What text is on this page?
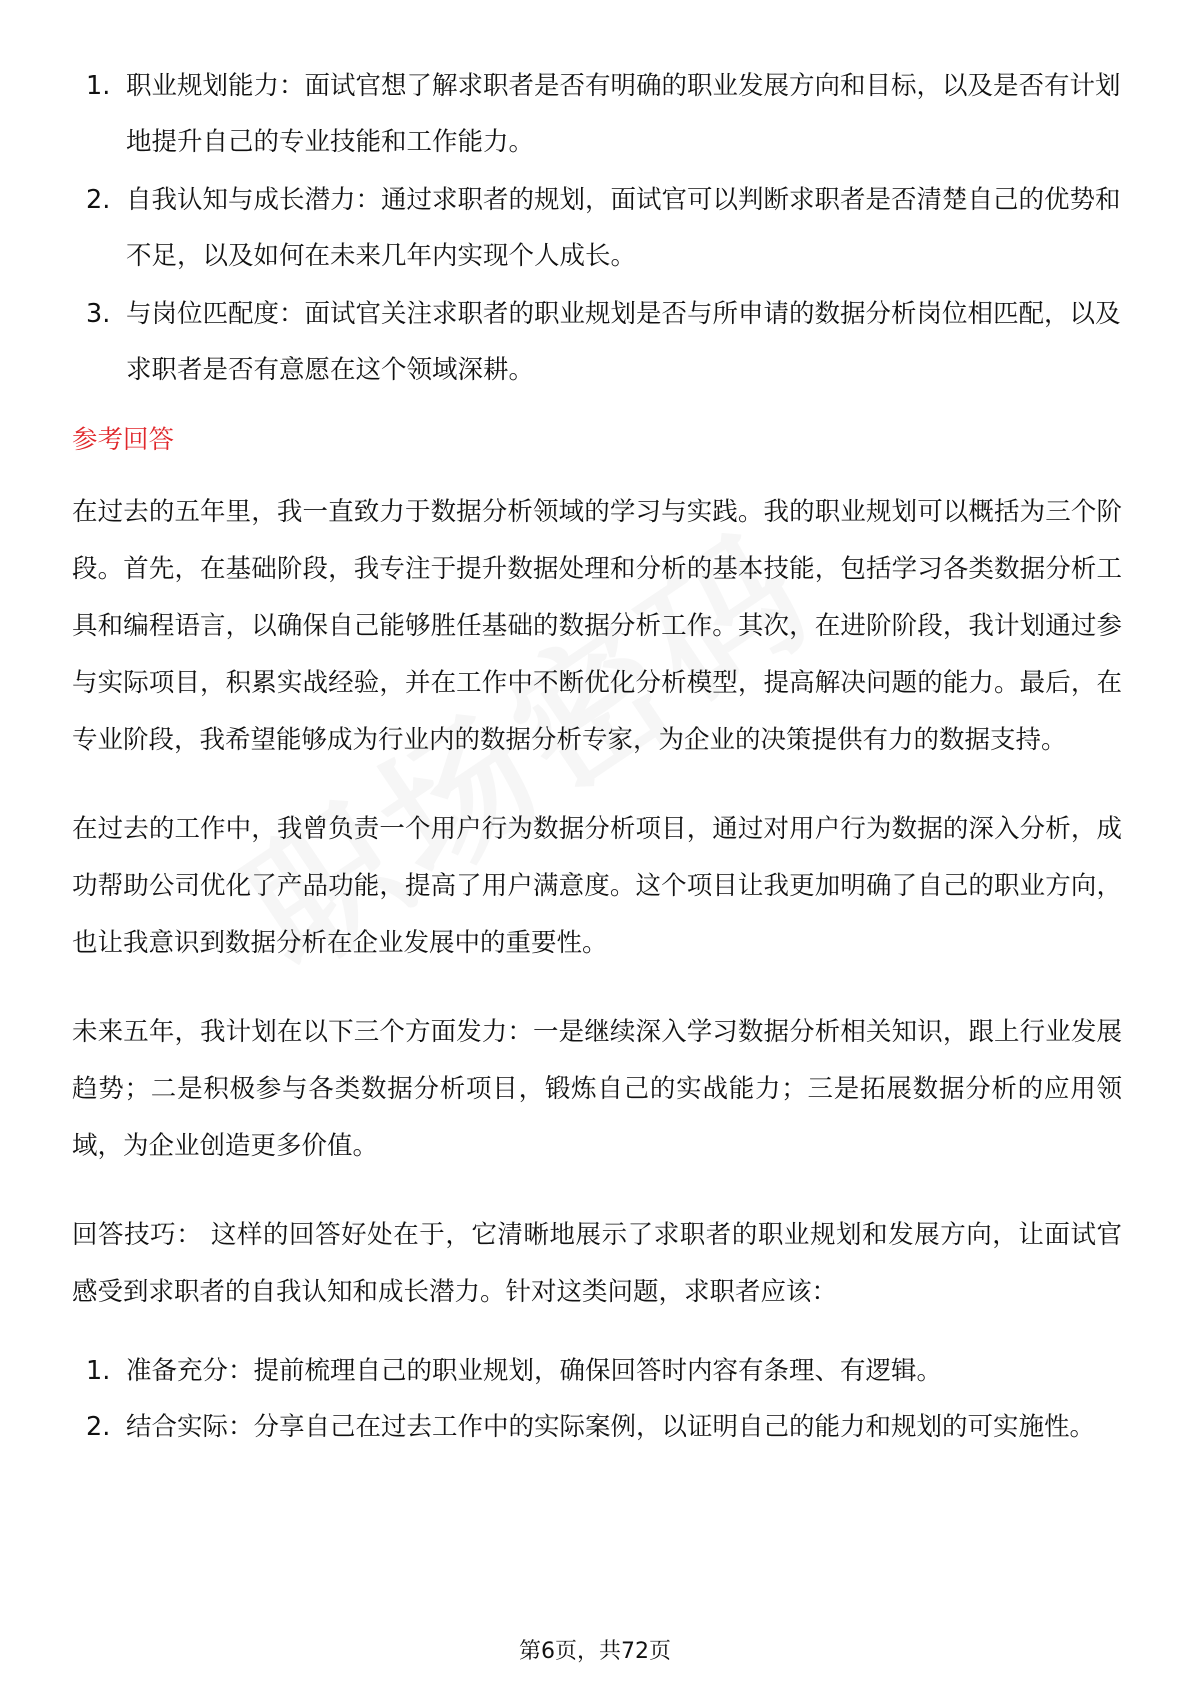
1. 职业规划能力：面试官想了解求职者是否有明确的职业发展方向和目标，以及是否有计划地提升自己的专业技能和工作能力。
2. 自我认知与成长潜力：通过求职者的规划，面试官可以判断求职者是否清楚自己的优势和不足，以及如何在未来几年内实现个人成长。
3. 与岗位匹配度：面试官关注求职者的职业规划是否与所申请的数据分析岗位相匹配，以及求职者是否有意愿在这个领域深耕。
参考回答

在过去的五年里，我一直致力于数据分析领域的学习与实践。我的职业规划可以概括为三个阶段。首先，在基础阶段，我专注于提升数据处理和分析的基本技能，包括学习各类数据分析工具和编程语言，以确保自己能够胜任基础的数据分析工作。其次，在进阶阶段，我计划通过参与实际项目，积累实战经验，并在工作中不断优化分析模型，提高解决问题的能力。最后，在专业阶段，我希望能够成为行业内的数据分析专家，为企业的决策提供有力的数据支持。

在过去的工作中，我曾负责一个用户行为数据分析项目，通过对用户行为数据的深入分析，成功帮助公司优化了产品功能，提高了用户满意度。这个项目让我更加明确了自己的职业方向，也让我意识到数据分析在企业发展中的重要性。

未来五年，我计划在以下三个方面发力：一是继续深入学习数据分析相关知识，跟上行业发展趋势；二是积极参与各类数据分析项目，锻炼自己的实战能力；三是拓展数据分析的应用领域，为企业创造更多价值。

回答技巧： 这样的回答好处在于，它清晰地展示了求职者的职业规划和发展方向，让面试官感受到求职者的自我认知和成长潜力。针对这类问题，求职者应该：

1. 准备充分：提前梳理自己的职业规划，确保回答时内容有条理、有逻辑。
2. 结合实际：分享自己在过去工作中的实际案例，以证明自己的能力和规划的可实施性。
第6页，共72页
